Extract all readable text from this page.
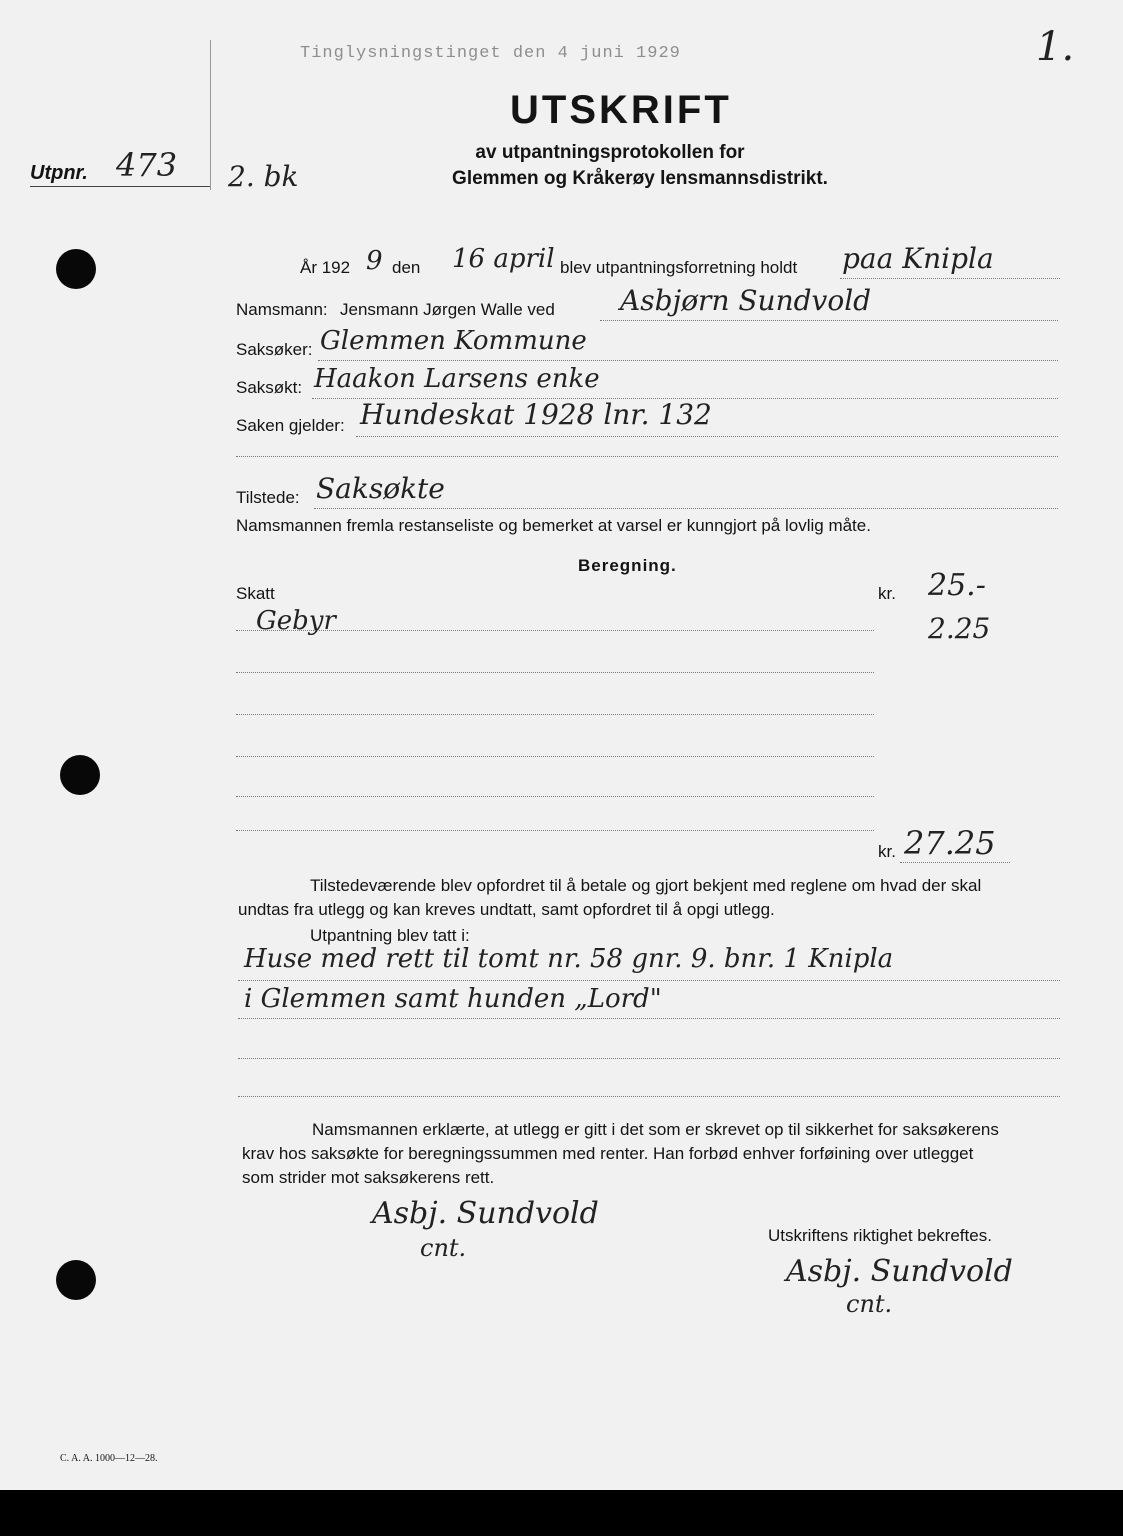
Tinglysningstinget den 4 juni 1929	1.
UTSKRIFT
av utpantningsprotokollen for
Glemmen og Kråkerøy lensmannsdistrikt.
Utpnr. 473 2. bk
År 192 9 den 16 april blev utpantningsforretning holdt paa Knipla
Namsmann: Jensmann Jørgen Walle ved Asbjørn Sundvold
Saksøker: Glemmen Kommune
Saksøkt: Haakon Larsens enke
Saken gjelder: Hundeskat 1928 lnr. 132
Tilstede: Saksøkte
Namsmannen fremla restanseliste og bemerket at varsel er kunngjort på lovlig måte.
Beregning.
Skatt	kr. 25.-
Gebyr	2.25
kr. 27.25
Tilstedeværende blev opfordret til å betale og gjort bekjent med reglene om hvad der skal
undtas fra utlegg og kan kreves undtatt, samt opfordret til å opgi utlegg.
Utpantning blev tatt i:
Huse med rett til tomt nr. 58 gnr. 9. bnr. 1 Knipla
i Glemmen samt hunden „Lord"
Namsmannen erklærte, at utlegg er gitt i det som er skrevet op til sikkerhet for saksøkerens
krav hos saksøkte for beregningssummen med renter. Han forbød enhver forføining over utlegget
som strider mot saksøkerens rett.
Asbj. Sundvold
cnt.	Utskriftens riktighet bekreftes.
Asbj. Sundvold
cnt.
C. A. A. 1000—12—28.
